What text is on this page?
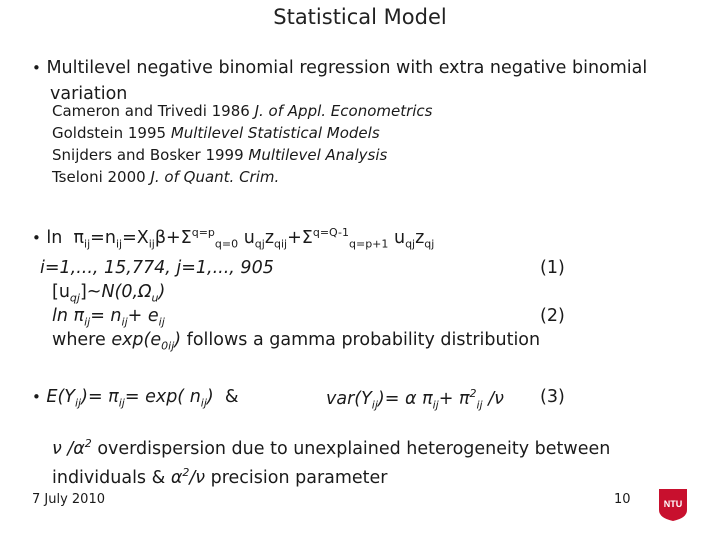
Statistical Model
• Multilevel negative binomial regression with extra negative binomial
variation
Cameron and Trivedi 1986 J. of Appl. Econometrics
Goldstein 1995 Multilevel Statistical Models
Snijders and Bosker 1999 Multilevel Analysis
Tseloni 2000 J. of Quant. Crim.
• $\ln \pi_{ij}=n_{ij}=X_{ij}\beta+\Sigma^{q=p}_{q=0}$ $u_{qj}z_{qij}+\Sigma^{q=Q-1}_{q=p+1}$ $u_{qj}z_{qj}$
i=1,..., 15,774, j=1,..., 905	(1)
$[u_{qj}]\sim N(0,\Omega_u)$
$\ln \pi_{ij}= n_{ij}+ e_{ij}$	(2)
where $\exp(e_{0ij})$ follows a gamma probability distribution
• $E(Y_{ij})= \pi_{ij}= \exp$( $n_{ij}$)  &	$var(Y_{ij})= \alpha$ $\pi_{ij}+ \pi^2_{ij}$ /ν (3)
ν $/\alpha^2$ overdispersion due to unexplained heterogeneity between
individuals & $\alpha^2/\nu$ precision parameter
7 July 2010	10	NTU
